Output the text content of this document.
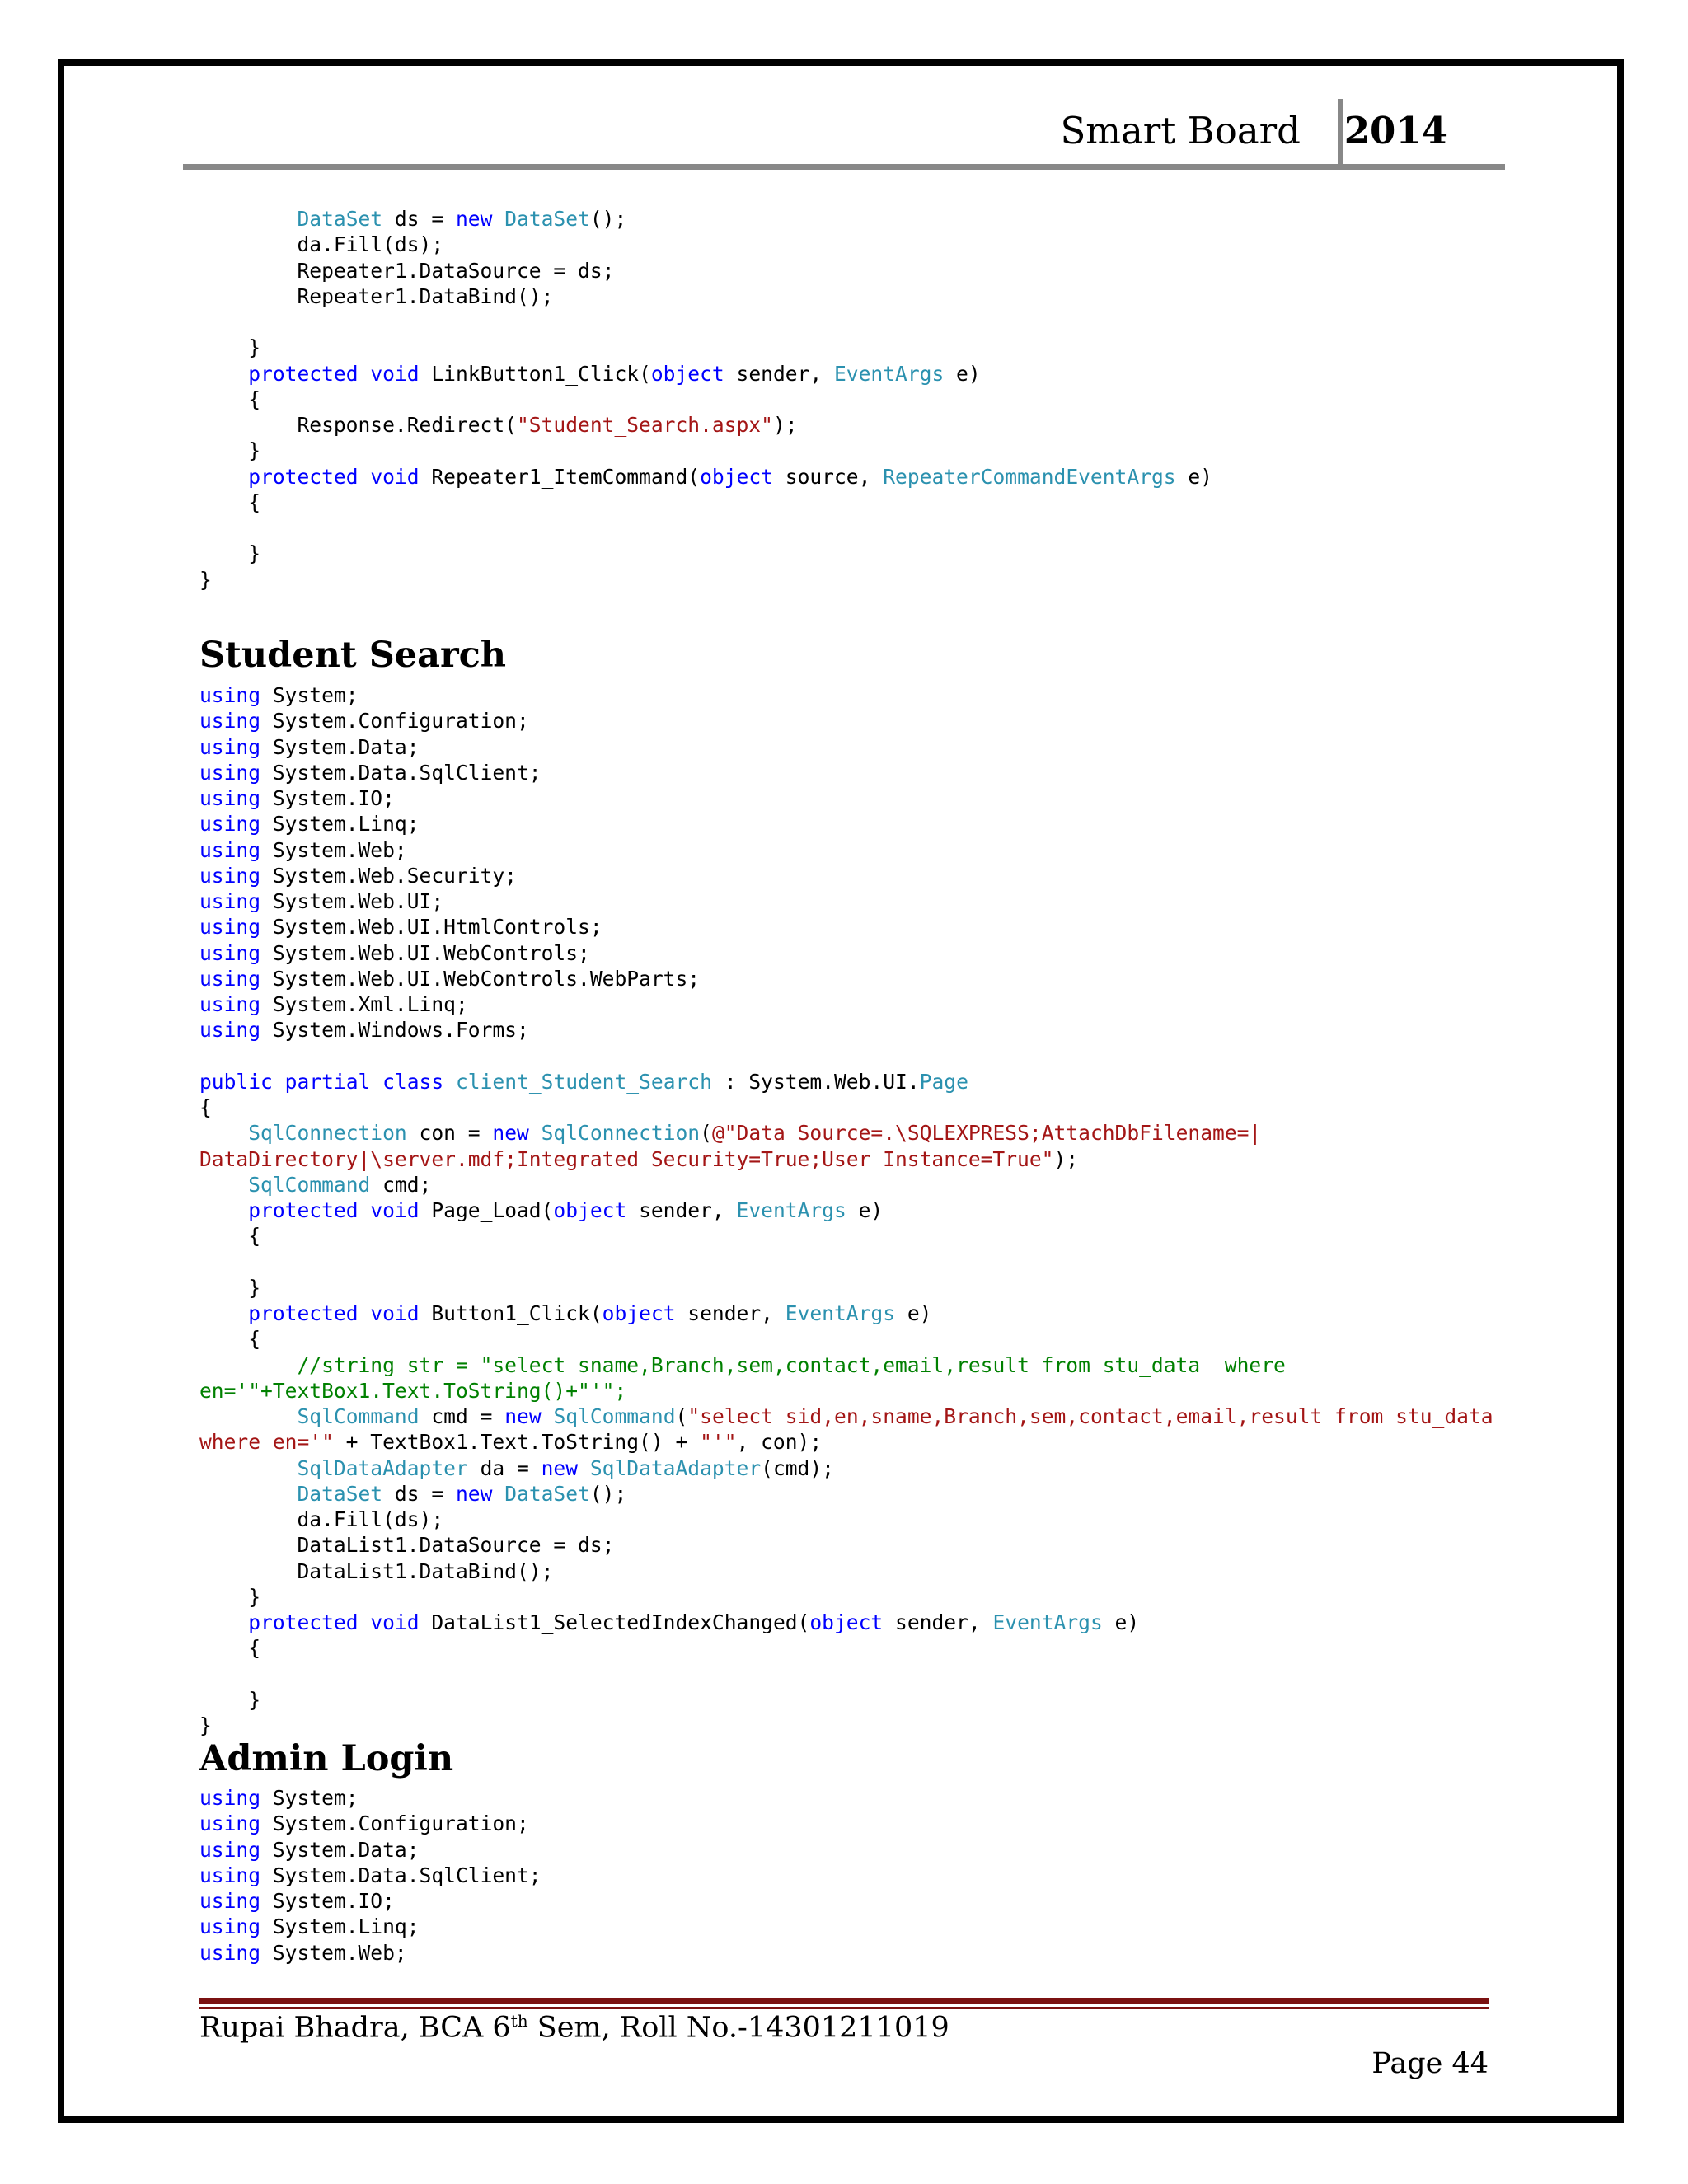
Smart Board 2014
DataSet ds = new DataSet();
da.Fill(ds);
Repeater1.DataSource = ds;
Repeater1.DataBind();
}
protected void LinkButton1_Click(object sender, EventArgs e)
{
Response.Redirect("Student_Search.aspx");
}
protected void Repeater1_ItemCommand(object source, RepeaterCommandEventArgs e)
{
}
}
Student Search
using System;
using System.Configuration;
using System.Data;
using System.Data.SqlClient;
using System.IO;
using System.Linq;
using System.Web;
using System.Web.Security;
using System.Web.UI;
using System.Web.UI.HtmlControls;
using System.Web.UI.WebControls;
using System.Web.UI.WebControls.WebParts;
using System.Xml.Linq;
using System.Windows.Forms;
public partial class client_Student_Search : System.Web.UI.Page
{
SqlConnection con = new SqlConnection(@"Data Source=.\SQLEXPRESS;AttachDbFilename=|
DataDirectory|\server.mdf;Integrated Security=True;User Instance=True");
SqlCommand cmd;
protected void Page_Load(object sender, EventArgs e)
{
}
protected void Button1_Click(object sender, EventArgs e)
{
//string str = "select sname,Branch,sem,contact,email,result from stu_data  where
en='"+TextBox1.Text.ToString()+"'";
SqlCommand cmd = new SqlCommand("select sid,en,sname,Branch,sem,contact,email,result from stu_data
where en='" + TextBox1.Text.ToString() + "'", con);
SqlDataAdapter da = new SqlDataAdapter(cmd);
DataSet ds = new DataSet();
da.Fill(ds);
DataList1.DataSource = ds;
DataList1.DataBind();
}
protected void DataList1_SelectedIndexChanged(object sender, EventArgs e)
{
}
}
Admin Login
using System;
using System.Configuration;
using System.Data;
using System.Data.SqlClient;
using System.IO;
using System.Linq;
using System.Web;
Rupai Bhadra, BCA 6th Sem, Roll No.-14301211019
Page 44
